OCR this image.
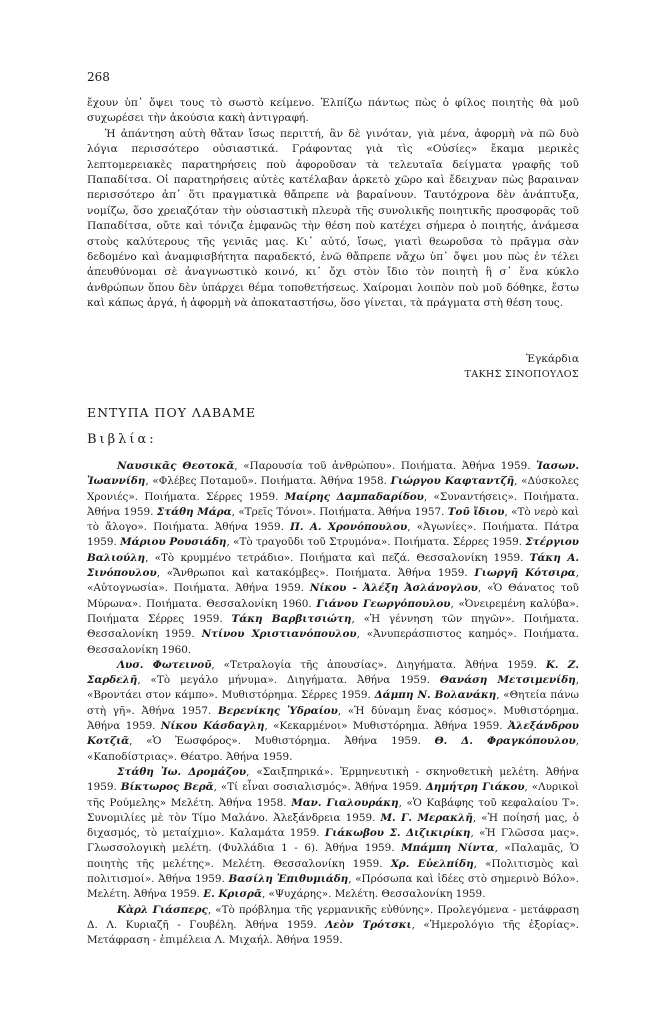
268

ἔχουν ὑπ᾿ ὄψει τους τὸ σωστὸ κείμενο. Ἐλπίζω πάντως πὼς ὁ φίλος ποιητὴς θὰ μοῦ συχωρέσει τὴν ἀκούσια κακὴ ἀντιγραφή.

Ἡ ἀπάντηση αὐτὴ θἄταν ἴσως περιττή, ἂν δὲ γινόταν, γιὰ μένα, ἀφορμὴ νὰ πῶ δυὸ λόγια περισσότερο οὐσιαστικά. Γράφοντας γιὰ τὶς «Οὐσίες» ἔκαμα μερικὲς λεπτομερειακὲς παρατηρήσεις ποὺ ἀφοροῦσαν τὰ τελευταῖα δείγματα γραφῆς τοῦ Παπαδίτσα. Οἱ παρατηρήσεις αὐτὲς κατέλαβαν ἀρκετὸ χῶρο καὶ ἔδειχναν πὼς βαραιναν περισσότερο ἀπ᾿ ὅτι πραγματικὰ θἄπρεπε νὰ βαραίνουν. Ταυτόχρονα δὲν ἀνάπτυξα, νομίζω, ὅσο χρειαζόταν τὴν οὐσιαστικὴ πλευρὰ τῆς συνολικῆς ποιητικῆς προσφορᾶς τοῦ Παπαδίτσα, οὔτε καὶ τόνιζα ἐμφανῶς τὴν θέση ποὺ κατέχει σήμερα ὁ ποιητής, ἀνάμεσα στοὺς καλύτερους τῆς γενιᾶς μας. Κι᾿ αὐτό, ἴσως, γιατὶ θεωροῦσα τὸ πρᾶγμα σὰν δεδομένο καὶ ἀναμφισβήτητα παραδεκτό, ἐνῶ θἄπρεπε νἄχω ὑπ᾿ ὄψει μου πὼς ἐν τέλει ἀπευθύνομαι σὲ ἀναγνωστικὸ κοινό, κι᾿ ὄχι στὸν ἴδιο τὸν ποιητὴ ἢ σ᾿ ἕνα κύκλο ἀνθρώπων ὅπου δὲν ὑπάρχει θέμα τοποθετήσεως. Χαίρομαι λοιπὸν ποὺ μοῦ δόθηκε, ἔστω καὶ κάπως ἀργά, ἡ ἀφορμὴ νὰ ἀποκαταστήσω, ὅσο γίνεται, τὰ πράγματα στὴ θέση τους.

Ἐγκάρδια
ΤΑΚΗΣ ΣΙΝΟΠΟΥΛΟΣ
ΕΝΤΥΠΑ ΠΟΥ ΛΑΒΑΜΕ
Βιβλία:

Ναυσικᾶς Θεοτοκᾶ, «Παρουσία τοῦ ἀνθρώπου». Ποιήματα. Ἀθήνα 1959. Ἰασων. Ἰωαννίδη, «Φλέβες Ποταμοῦ». Ποιήματα. Ἀθήνα 1958. Γιώργου Καφταντζῆ, «Δύσκολες Χρονιές». Ποιήματα. Σέρρες 1959. Μαίρης Δαμπαδαρίδου, «Συναντήσεις». Ποιήματα. Ἀθήνα 1959. Στάθη Μάρα, «Τρεῖς Τόνοι». Ποιήματα. Ἀθήνα 1957. Τοῦ ἴδιου, «Τὸ νερὸ καὶ τὸ ἄλογο». Ποιήματα. Ἀθήνα 1959. Π. Α. Χρονόπουλου, «Ἀγωνίες». Ποιήματα. Πάτρα 1959. Μάριου Ρουσιάδη, «Τὸ τραγοῦδι τοῦ Στρυμόνα». Ποιήματα. Σέρρες 1959. Στέργιου Βαλιούλη, «Τὸ κρυμμένο τετράδιο». Ποιήματα καὶ πεζά. Θεσσαλονίκη 1959. Τάκη Α. Σινόπουλου, «Ἄνθρωποι καὶ κατακόμβες». Ποιήματα. Ἀθήνα 1959. Γιωργῆ Κότσιρα, «Αὐτογνωσία». Ποιήματα. Ἀθήνα 1959. Νίκου - Ἀλέξη Ἀσλάνογλου, «Ὁ Θάνατος τοῦ Μύρωνα». Ποιήματα. Θεσσαλονίκη 1960. Γιάνου Γεωργόπουλου, «Ὀνειρεμένη καλύβα». Ποιήματα Σέρρες 1959. Τάκη Βαρβιτσιώτη, «Ἡ γέννηση τῶν πηγῶν». Ποιήματα. Θεσσαλονίκη 1959. Ντίνου Χριστιανόπουλου, «Ἀνυπεράσπιστος καημός». Ποιήματα. Θεσσαλονίκη 1960.

Λυσ. Φωτεινοῦ, «Τετραλογία τῆς ἀπουσίας». Διηγήματα. Ἀθήνα 1959. Κ. Ζ. Σαρδελῆ, «Τὸ μεγάλο μήνυμα». Διηγήματα. Ἀθήνα 1959. Θανάση Μετσιμενίδη, «Βροντάει στον κάμπο». Μυθιστόρημα. Σέρρες 1959. Δάμπη Ν. Βολανάκη, «Θητεία πάνω στὴ γῆ». Ἀθήνα 1957. Βερενίκης Ὑδραίου, «Ἡ δύναμη ἕνας κόσμος». Μυθιστόρημα. Ἀθήνα 1959. Νίκου Κάσδαγλη, «Κεκαρμένοι» Μυθιστόρημα. Ἀθήνα 1959. Ἀλεξάνδρου Κοτζιᾶ, «Ὁ Ἐωσφόρος». Μυθιστόρημα. Ἀθήνα 1959. Θ. Δ. Φραγκόπουλου, «Καποδίστριας». Θέατρο. Ἀθήνα 1959.

Στάθη Ἰω. Δρομάζου, «Σαιξπηρικά». Ἑρμηνευτικὴ - σκηνοθετικὴ μελέτη. Ἀθήνα 1959. Βίκτωρος Βερᾶ, «Τί εἶναι σοσιαλισμός». Ἀθήνα 1959. Δημήτρη Γιάκου, «Λυρικοὶ τῆς Ρούμελης» Μελέτη. Ἀθήνα 1958. Μαν. Γιαλουράκη, «Ὁ Καβάφης τοῦ κεφαλαίου Τ». Συνομιλίες μὲ τὸν Τίμο Μαλάνο. Ἀλεξάνδρεια 1959. Μ. Γ. Μερακλῆ, «Ἡ ποίησή μας, ὁ διχασμός, τὸ μεταίχμιο». Καλαμάτα 1959. Γιάκωβου Σ. Διζικιρίκη, «Ἡ Γλῶσσα μας». Γλωσσολογικὴ μελέτη. (Φυλλάδια 1 - 6). Ἀθήνα 1959. Μπάμπη Νίντα, «Παλαμᾶς, Ὁ ποιητὴς τῆς μελέτης». Μελέτη. Θεσσαλονίκη 1959. Χρ. Εὐελπίδη, «Πολιτισμὸς καὶ πολιτισμοί». Ἀθήνα 1959. Βασίλη Ἐπιθυμιάδη, «Πρόσωπα καὶ ἰδέες στὸ σημερινὸ Βόλο». Μελέτη. Ἀθήνα 1959. Ε. Κρισρᾶ, «Ψυχάρης». Μελέτη. Θεσσαλονίκη 1959.

Κὰρλ Γιάσπερς, «Τὸ πρόβλημα τῆς γερμανικῆς εὐθύνης». Προλεγόμενα - μετάφραση Δ. Λ. Κυριαζῆ - Γουβέλη. Ἀθήνα 1959. Λεὸν Τρότσκι, «Ἡμερολόγιο τῆς ἐξορίας». Μετάφραση - ἐπιμέλεια Λ. Μιχαήλ. Ἀθήνα 1959.
